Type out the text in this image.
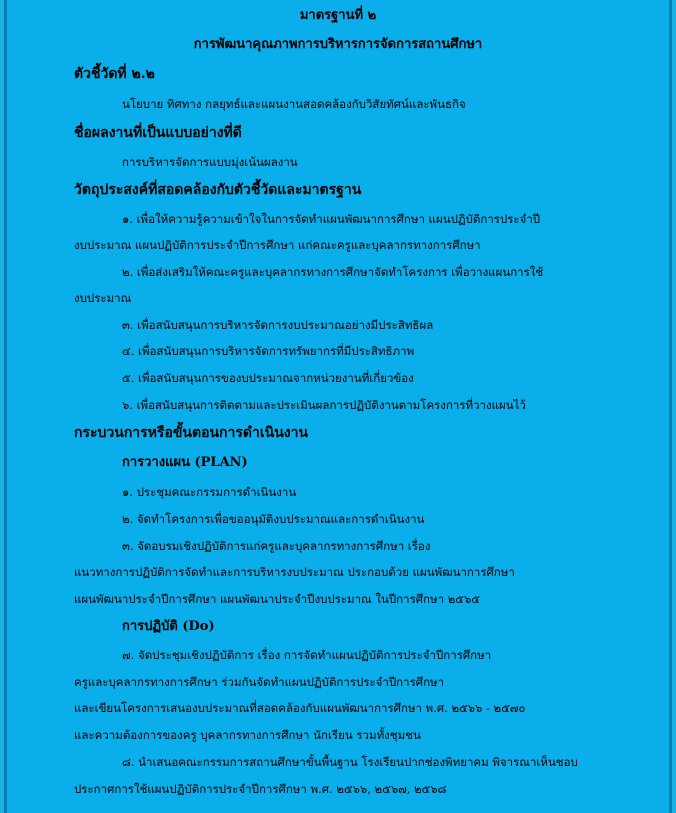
มาตรฐานที่ ๒
การพัฒนาคุณภาพการบริหารการจัดการสถานศึกษา
ตัวชี้วัดที่ ๒.๒
นโยบาย ทิศทาง กลยุทธ์และแผนงานสอดคล้องกับวิสัยทัศน์และพันธกิจ
ชื่อผลงานที่เป็นแบบอย่างที่ดี
การบริหารจัดการแบบมุ่งเน้นผลงาน
วัตถุประสงค์ที่สอดคล้องกับตัวชี้วัดและมาตรฐาน
๑. เพื่อให้ความรู้ความเข้าใจในการจัดทำแผนพัฒนาการศึกษา แผนปฏิบัติการประจำปี
งบประมาณ แผนปฏิบัติการประจำปีการศึกษา แก่คณะครูและบุคลากรทางการศึกษา
๒. เพื่อส่งเสริมให้คณะครูและบุคลากรทางการศึกษาจัดทำโครงการ เพื่อวางแผนการใช้
งบประมาณ
๓. เพื่อสนับสนุนการบริหารจัดการงบประมาณอย่างมีประสิทธิผล
๔. เพื่อสนับสนุนการบริหารจัดการทรัพยากรที่มีประสิทธิภาพ
๕. เพื่อสนับสนุนการของบประมาณจากหน่วยงานที่เกี่ยวข้อง
๖. เพื่อสนับสนุนการติดตามและประเมินผลการปฏิบัติงานตามโครงการที่วางแผนไว้
กระบวนการหรือขั้นตอนการดำเนินงาน
การวางแผน (PLAN)
๑. ประชุมคณะกรรมการดำเนินงาน
๒. จัดทำโครงการเพื่อขออนุมัติงบประมาณและการดำเนินงาน
๓. จัดอบรมเชิงปฏิบัติการแก่ครูและบุคลากรทางการศึกษา เรื่อง
แนวทางการปฏิบัติการจัดทำและการบริหารงบประมาณ ประกอบด้วย แผนพัฒนาการศึกษา
แผนพัฒนาประจำปีการศึกษา แผนพัฒนาประจำปีงบประมาณ ในปีการศึกษา ๒๕๖๕
การปฏิบัติ (Do)
๗. จัดประชุมเชิงปฏิบัติการ เรื่อง การจัดทำแผนปฏิบัติการประจำปีการศึกษา
ครูและบุคลากรทางการศึกษา ร่วมกันจัดทำแผนปฏิบัติการประจำปีการศึกษา
และเขียนโครงการเสนองบประมาณที่สอดคล้องกับแผนพัฒนาการศึกษา พ.ศ. ๒๕๖๖ - ๒๕๗๐
และความต้องการของครู บุคลากรทางการศึกษา นักเรียน รวมทั้งชุมชน
๘. นำเสนอคณะกรรมการสถานศึกษาขั้นพื้นฐาน โรงเรียนปากช่องพิทยาคม พิจารณาเห็นชอบ
ประกาศการใช้แผนปฏิบัติการประจำปีการศึกษา พ.ศ. ๒๕๖๖, ๒๕๖๗, ๒๕๖๘
